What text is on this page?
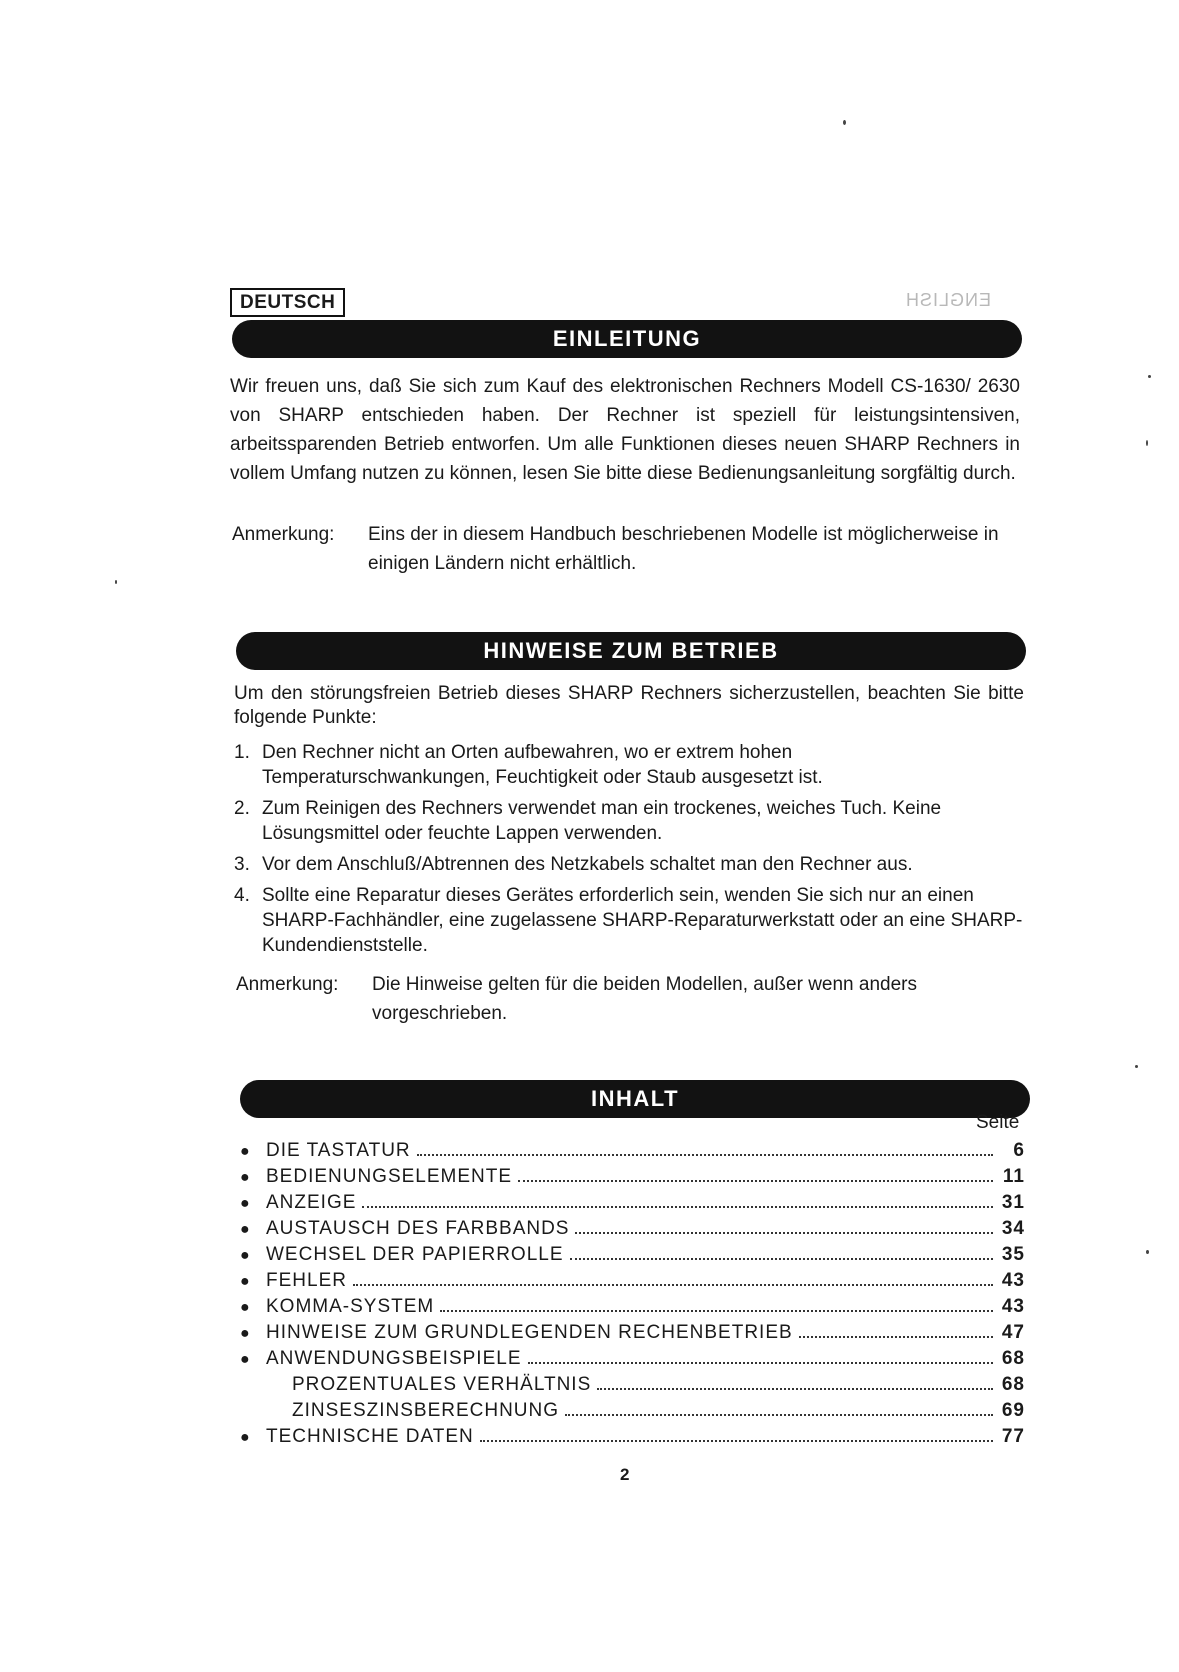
DEUTSCH	ENGLISH
EINLEITUNG
Wir freuen uns, daß Sie sich zum Kauf des elektronischen Rechners Modell CS-1630/ 2630 von SHARP entschieden haben. Der Rechner ist speziell für leistungsintensiven, arbeitssparenden Betrieb entworfen. Um alle Funktionen dieses neuen SHARP Rechners in vollem Umfang nutzen zu können, lesen Sie bitte diese Bedienungsanleitung sorgfältig durch.
Anmerkung: Eins der in diesem Handbuch beschriebenen Modelle ist möglicherweise in einigen Ländern nicht erhältlich.
HINWEISE ZUM BETRIEB
Um den störungsfreien Betrieb dieses SHARP Rechners sicherzustellen, beachten Sie bitte folgende Punkte:
1. Den Rechner nicht an Orten aufbewahren, wo er extrem hohen Temperaturschwankungen, Feuchtigkeit oder Staub ausgesetzt ist.
2. Zum Reinigen des Rechners verwendet man ein trockenes, weiches Tuch. Keine Lösungsmittel oder feuchte Lappen verwenden.
3. Vor dem Anschluß/Abtrennen des Netzkabels schaltet man den Rechner aus.
4. Sollte eine Reparatur dieses Gerätes erforderlich sein, wenden Sie sich nur an einen SHARP-Fachhändler, eine zugelassene SHARP-Reparaturwerkstatt oder an eine SHARP-Kundendienststelle.
Anmerkung: Die Hinweise gelten für die beiden Modellen, außer wenn anders vorgeschrieben.
INHALT
Seite
● DIE TASTATUR	6
● BEDIENUNGSELEMENTE	11
● ANZEIGE	31
● AUSTAUSCH DES FARBBANDS	34
● WECHSEL DER PAPIERROLLE	35
● FEHLER	43
● KOMMA-SYSTEM	43
● HINWEISE ZUM GRUNDLEGENDEN RECHENBETRIEB	47
● ANWENDUNGSBEISPIELE	68
PROZENTUALES VERHÄLTNIS	68
ZINSESZINSBERECHNUNG	69
● TECHNISCHE DATEN	77
2
